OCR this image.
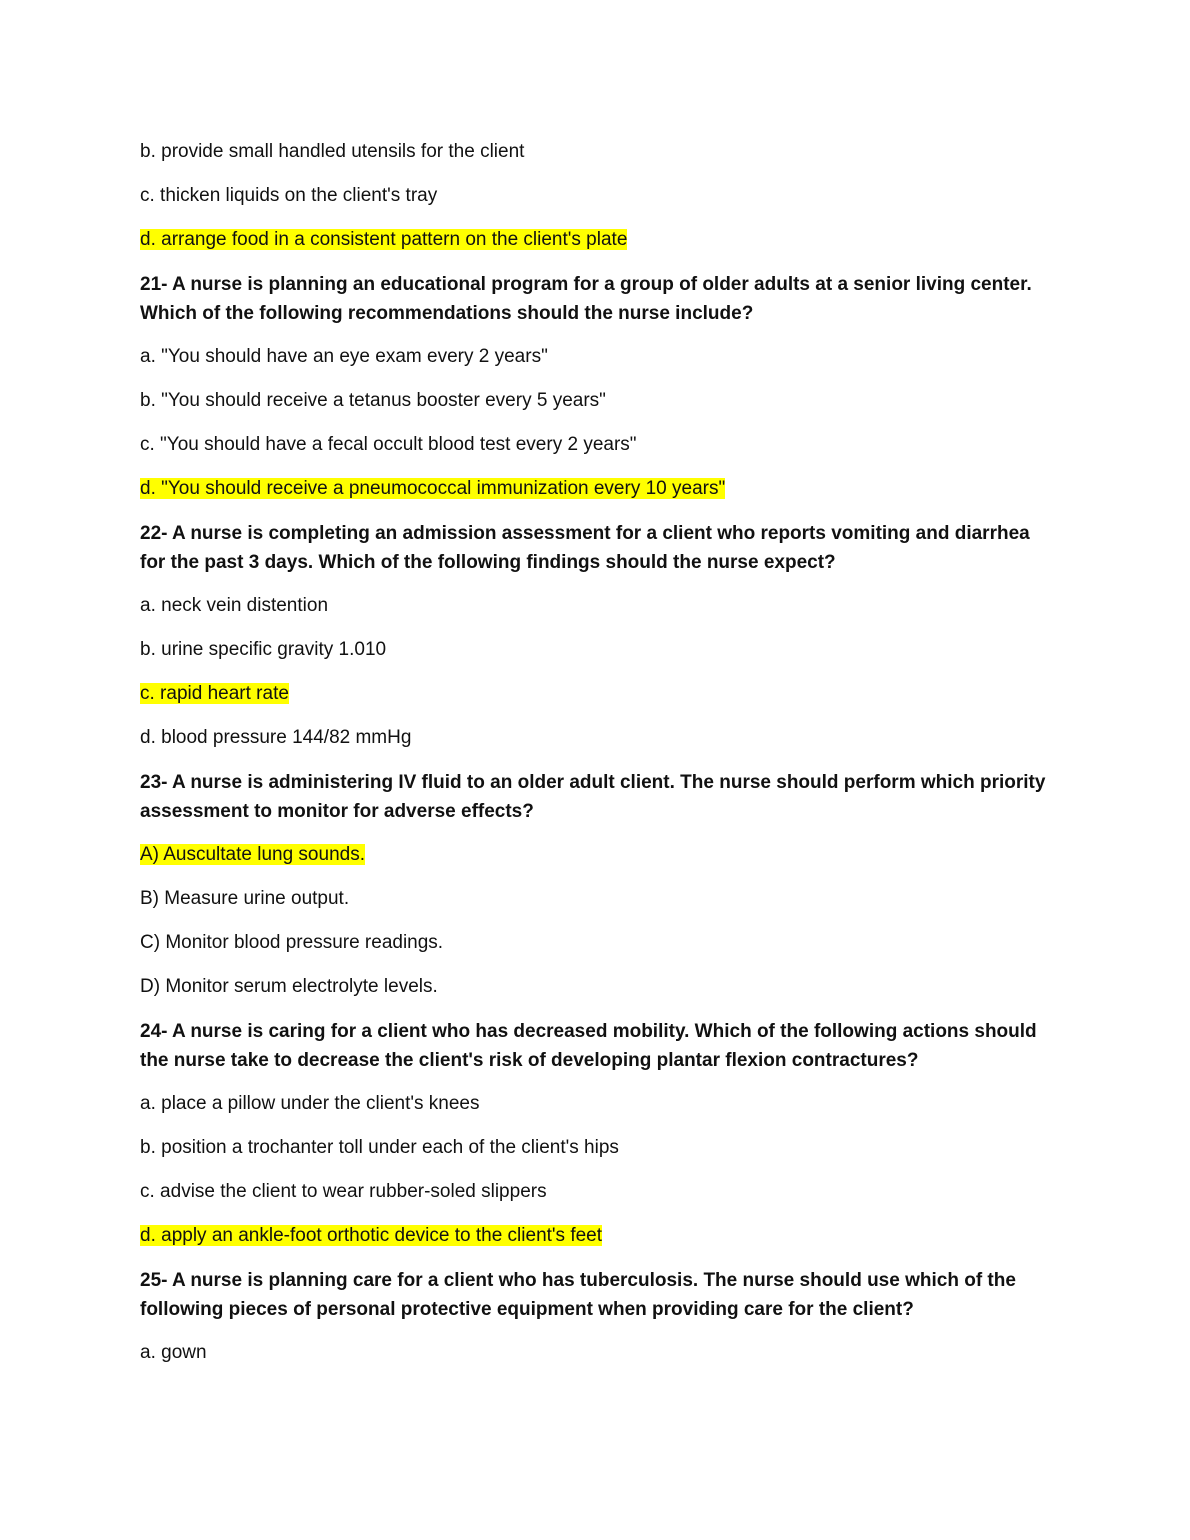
b. provide small handled utensils for the client

c. thicken liquids on the client's tray

d. arrange food in a consistent pattern on the client's plate

21- A nurse is planning an educational program for a group of older adults at a senior living center. Which of the following recommendations should the nurse include?

a. "You should have an eye exam every 2 years"

b. "You should receive a tetanus booster every 5 years"

c. "You should have a fecal occult blood test every 2 years"

d. "You should receive a pneumococcal immunization every 10 years"

22- A nurse is completing an admission assessment for a client who reports vomiting and diarrhea for the past 3 days. Which of the following findings should the nurse expect?

a. neck vein distention

b. urine specific gravity 1.010

c. rapid heart rate

d. blood pressure 144/82 mmHg

23- A nurse is administering IV fluid to an older adult client. The nurse should perform which priority assessment to monitor for adverse effects?

A) Auscultate lung sounds.

B) Measure urine output.

C) Monitor blood pressure readings.

D) Monitor serum electrolyte levels.

24- A nurse is caring for a client who has decreased mobility. Which of the following actions should the nurse take to decrease the client's risk of developing plantar flexion contractures?

a. place a pillow under the client's knees

b. position a trochanter toll under each of the client's hips

c. advise the client to wear rubber-soled slippers

d. apply an ankle-foot orthotic device to the client's feet

25- A nurse is planning care for a client who has tuberculosis. The nurse should use which of the following pieces of personal protective equipment when providing care for the client?

a. gown
